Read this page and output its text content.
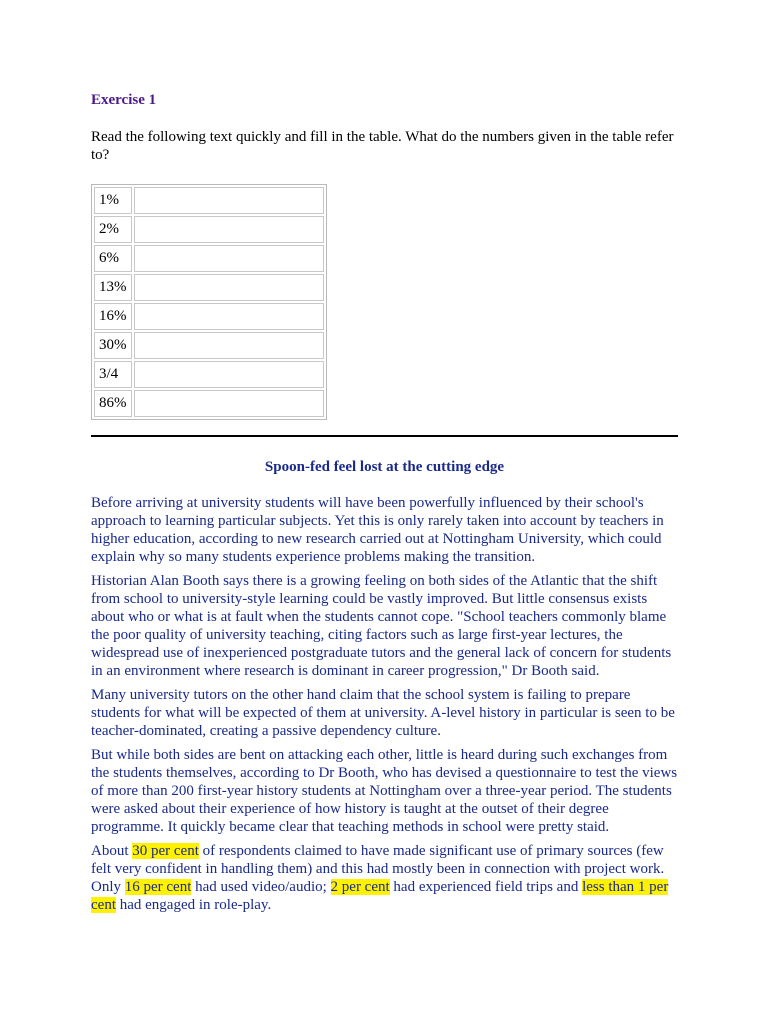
Exercise 1

Read the following text quickly and fill in the table. What do the numbers given in the table refer to?

1%	
2%	
6%	
13%	
16%	
30%	
3/4	
86%	
Spoon-fed feel lost at the cutting edge

Before arriving at university students will have been powerfully influenced by their school's approach to learning particular subjects. Yet this is only rarely taken into account by teachers in higher education, according to new research carried out at Nottingham University, which could explain why so many students experience problems making the transition.

Historian Alan Booth says there is a growing feeling on both sides of the Atlantic that the shift from school to university-style learning could be vastly improved. But little consensus exists about who or what is at fault when the students cannot cope. "School teachers commonly blame the poor quality of university teaching, citing factors such as large first-year lectures, the widespread use of inexperienced postgraduate tutors and the general lack of concern for students in an environment where research is dominant in career progression," Dr Booth said.

Many university tutors on the other hand claim that the school system is failing to prepare students for what will be expected of them at university. A-level history in particular is seen to be teacher-dominated, creating a passive dependency culture.

But while both sides are bent on attacking each other, little is heard during such exchanges from the students themselves, according to Dr Booth, who has devised a questionnaire to test the views of more than 200 first-year history students at Nottingham over a three-year period. The students were asked about their experience of how history is taught at the outset of their degree programme. It quickly became clear that teaching methods in school were pretty staid.

About 30 per cent of respondents claimed to have made significant use of primary sources (few felt very confident in handling them) and this had mostly been in connection with project work. Only 16 per cent had used video/audio; 2 per cent had experienced field trips and less than 1 per cent had engaged in role-play.
